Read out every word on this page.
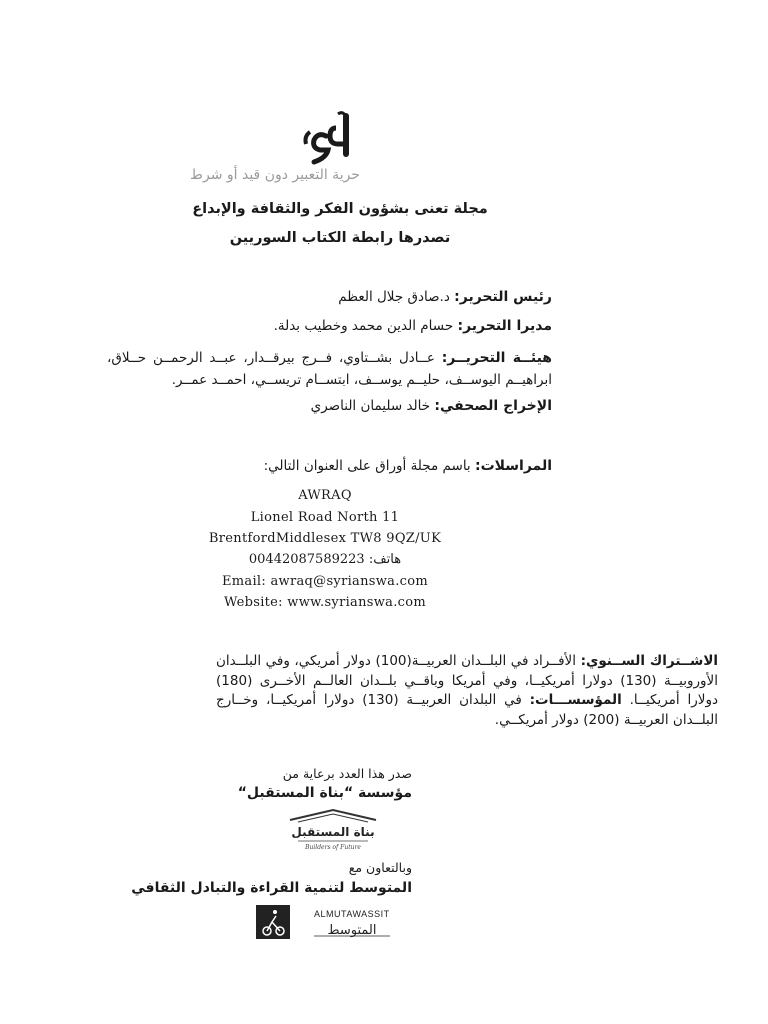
حرية التعبير دون قيد أو شرط
مجلة تعنى بشؤون الفكر والثقافة والإبداع
تصدرها رابطة الكتاب السوريين
رئيس التحرير: د.صادق جلال العظم
مديرا التحرير: حسام الدين محمد وخطيب بدلة.
هيئــة التحريــر: عــادل بشــتاوي، فــرج بيرقــدار، عبــد الرحمــن حــلاق، ابراهيــم اليوســف، حليــم يوســف، ابتســام تريســي، احمــد عمــر.
الإخراج الصحفي: خالد سليمان الناصري
المراسلات: باسم مجلة أوراق على العنوان التالي:
AWRAQ
Lionel Road North 11
BrentfordMiddlesex TW8 9QZ/UK
هاتف: 00442087589223
Email: awraq@syrianswa.com
Website: www.syrianswa.com
الاشــتراك الســنوي: الأفــراد في البلــدان العربيــة(100) دولار أمريكي، وفي البلــدان الأوروبيــة (130) دولارا أمريكيــا، وفي أمريكا وباقــي بلــدان العالــم الأخــرى (180) دولارا أمريكيــا. المؤسســـات: في البلدان العربيــة (130) دولارا أمريكيــا، وخــارج البلــدان العربيــة (200) دولار أمريكــي.
صدر هذا العدد برعاية من
مؤسسة “بناة المستقبل“
بناة المستقبل
Builders of Future
وبالتعاون مع
المتوسط لتنمية القراءة والتبادل الثقافي
ALMUTAWASSIT
المتوسط
